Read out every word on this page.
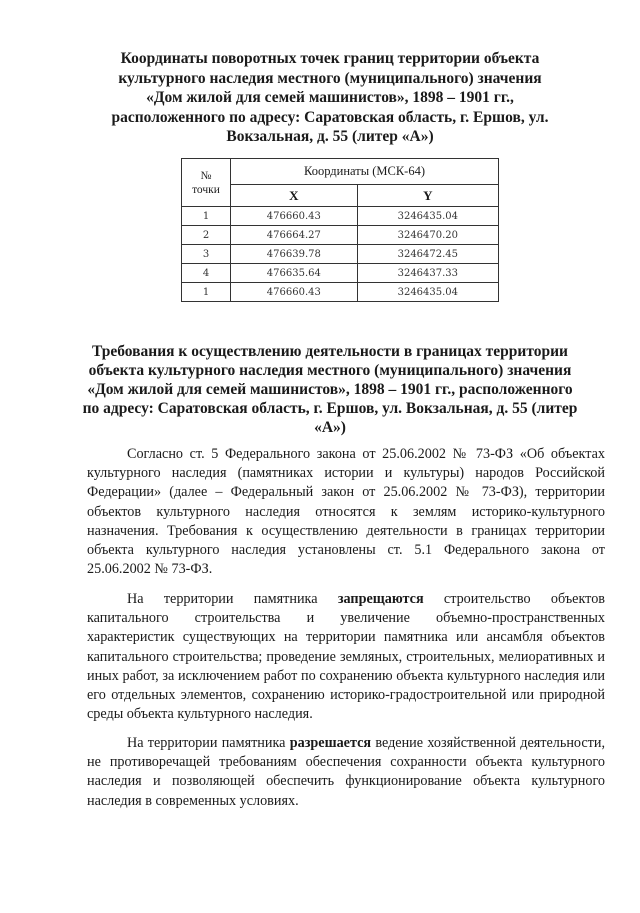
Координаты поворотных точек границ территории объекта культурного наследия местного (муниципального) значения «Дом жилой для семей машинистов», 1898 – 1901 гг., расположенного по адресу: Саратовская область, г. Ершов, ул. Вокзальная, д. 55 (литер «А»)
№
точки	Координаты (МСК-64)	
	X	Y
1	476660.43	3246435.04
2	476664.27	3246470.20
3	476639.78	3246472.45
4	476635.64	3246437.33
1	476660.43	3246435.04
Требования к осуществлению деятельности в границах территории объекта культурного наследия местного (муниципального) значения «Дом жилой для семей машинистов», 1898 – 1901 гг., расположенного по адресу: Саратовская область, г. Ершов, ул. Вокзальная, д. 55 (литер «А»)

Согласно ст. 5 Федерального закона от 25.06.2002 № 73-ФЗ «Об объектах культурного наследия (памятниках истории и культуры) народов Российской Федерации» (далее – Федеральный закон от 25.06.2002 № 73-ФЗ), территории объектов культурного наследия относятся к землям историко-культурного назначения. Требования к осуществлению деятельности в границах территории объекта культурного наследия установлены ст. 5.1 Федерального закона от 25.06.2002 № 73-ФЗ.

На территории памятника запрещаются строительство объектов капитального строительства и увеличение объемно-пространственных характеристик существующих на территории памятника или ансамбля объектов капитального строительства; проведение земляных, строительных, мелиоративных и иных работ, за исключением работ по сохранению объекта культурного наследия или его отдельных элементов, сохранению историко-градостроительной или природной среды объекта культурного наследия.

На территории памятника разрешается ведение хозяйственной деятельности, не противоречащей требованиям обеспечения сохранности объекта культурного наследия и позволяющей обеспечить функционирование объекта культурного наследия в современных условиях.
